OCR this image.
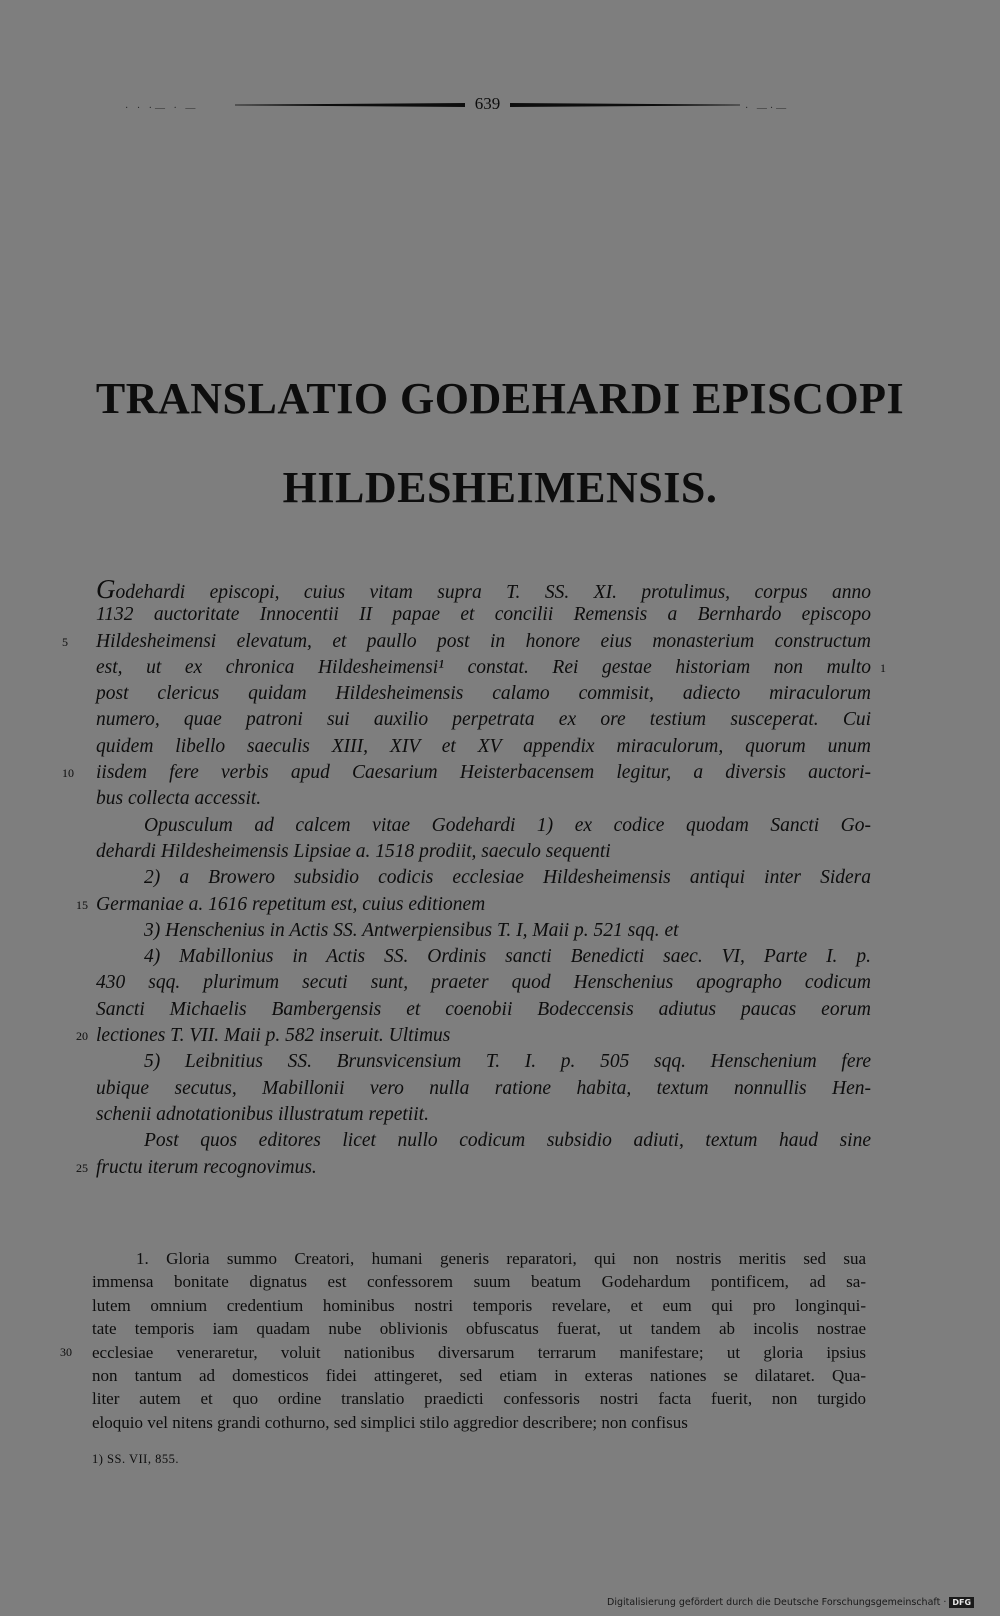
· · ·— · —	639	· —·—
TRANSLATIO GODEHARDI EPISCOPI
HILDESHEIMENSIS.
Godehardi episcopi, cuius vitam supra T. SS. XI. protulimus, corpus anno
1132 auctoritate Innocentii II papae et concilii Remensis a Bernhardo episcopo
5	Hildesheimensi elevatum, et paullo post in honore eius monasterium constructum
est, ut ex chronica Hildesheimensi¹ constat. Rei gestae historiam non multo 1
post clericus quidam Hildesheimensis calamo commisit, adiecto miraculorum
numero, quae patroni sui auxilio perpetrata ex ore testium susceperat. Cui
quidem libello saeculis XIII, XIV et XV appendix miraculorum, quorum unum
10	iisdem fere verbis apud Caesarium Heisterbacensem legitur, a diversis auctori-
bus collecta accessit.
Opusculum ad calcem vitae Godehardi 1) ex codice quodam Sancti Go-
dehardi Hildesheimensis Lipsiae a. 1518 prodiit, saeculo sequenti
2) a Browero subsidio codicis ecclesiae Hildesheimensis antiqui inter Sidera
15 Germaniae a. 1616 repetitum est, cuius editionem
3) Henschenius in Actis SS. Antwerpiensibus T. I, Maii p. 521 sqq. et
4) Mabillonius in Actis SS. Ordinis sancti Benedicti saec. VI, Parte I. p.
430 sqq. plurimum secuti sunt, praeter quod Henschenius apographo codicum
Sancti Michaelis Bambergensis et coenobii Bodeccensis adiutus paucas eorum
20 lectiones T. VII. Maii p. 582 inseruit. Ultimus
5) Leibnitius SS. Brunsvicensium T. I. p. 505 sqq. Henschenium fere
ubique secutus, Mabillonii vero nulla ratione habita, textum nonnullis Hen-
schenii adnotationibus illustratum repetiit.
Post quos editores licet nullo codicum subsidio adiuti, textum haud sine
25 fructu iterum recognovimus.
1. Gloria summo Creatori, humani generis reparatori, qui non nostris meritis sed sua
immensa bonitate dignatus est confessorem suum beatum Godehardum pontificem, ad sa-
lutem omnium credentium hominibus nostri temporis revelare, et eum qui pro longinqui-
tate temporis iam quadam nube oblivionis obfuscatus fuerat, ut tandem ab incolis nostrae
30	ecclesiae veneraretur, voluit nationibus diversarum terrarum manifestare; ut gloria ipsius
non tantum ad domesticos fidei attingeret, sed etiam in exteras nationes se dilataret. Qua-
liter autem et quo ordine translatio praedicti confessoris nostri facta fuerit, non turgido
eloquio vel nitens grandi cothurno, sed simplici stilo aggredior describere; non confisus
1) SS. VII, 855.
Digitalisierung gefördert durch die Deutsche Forschungsgemeinschaft · DFG
